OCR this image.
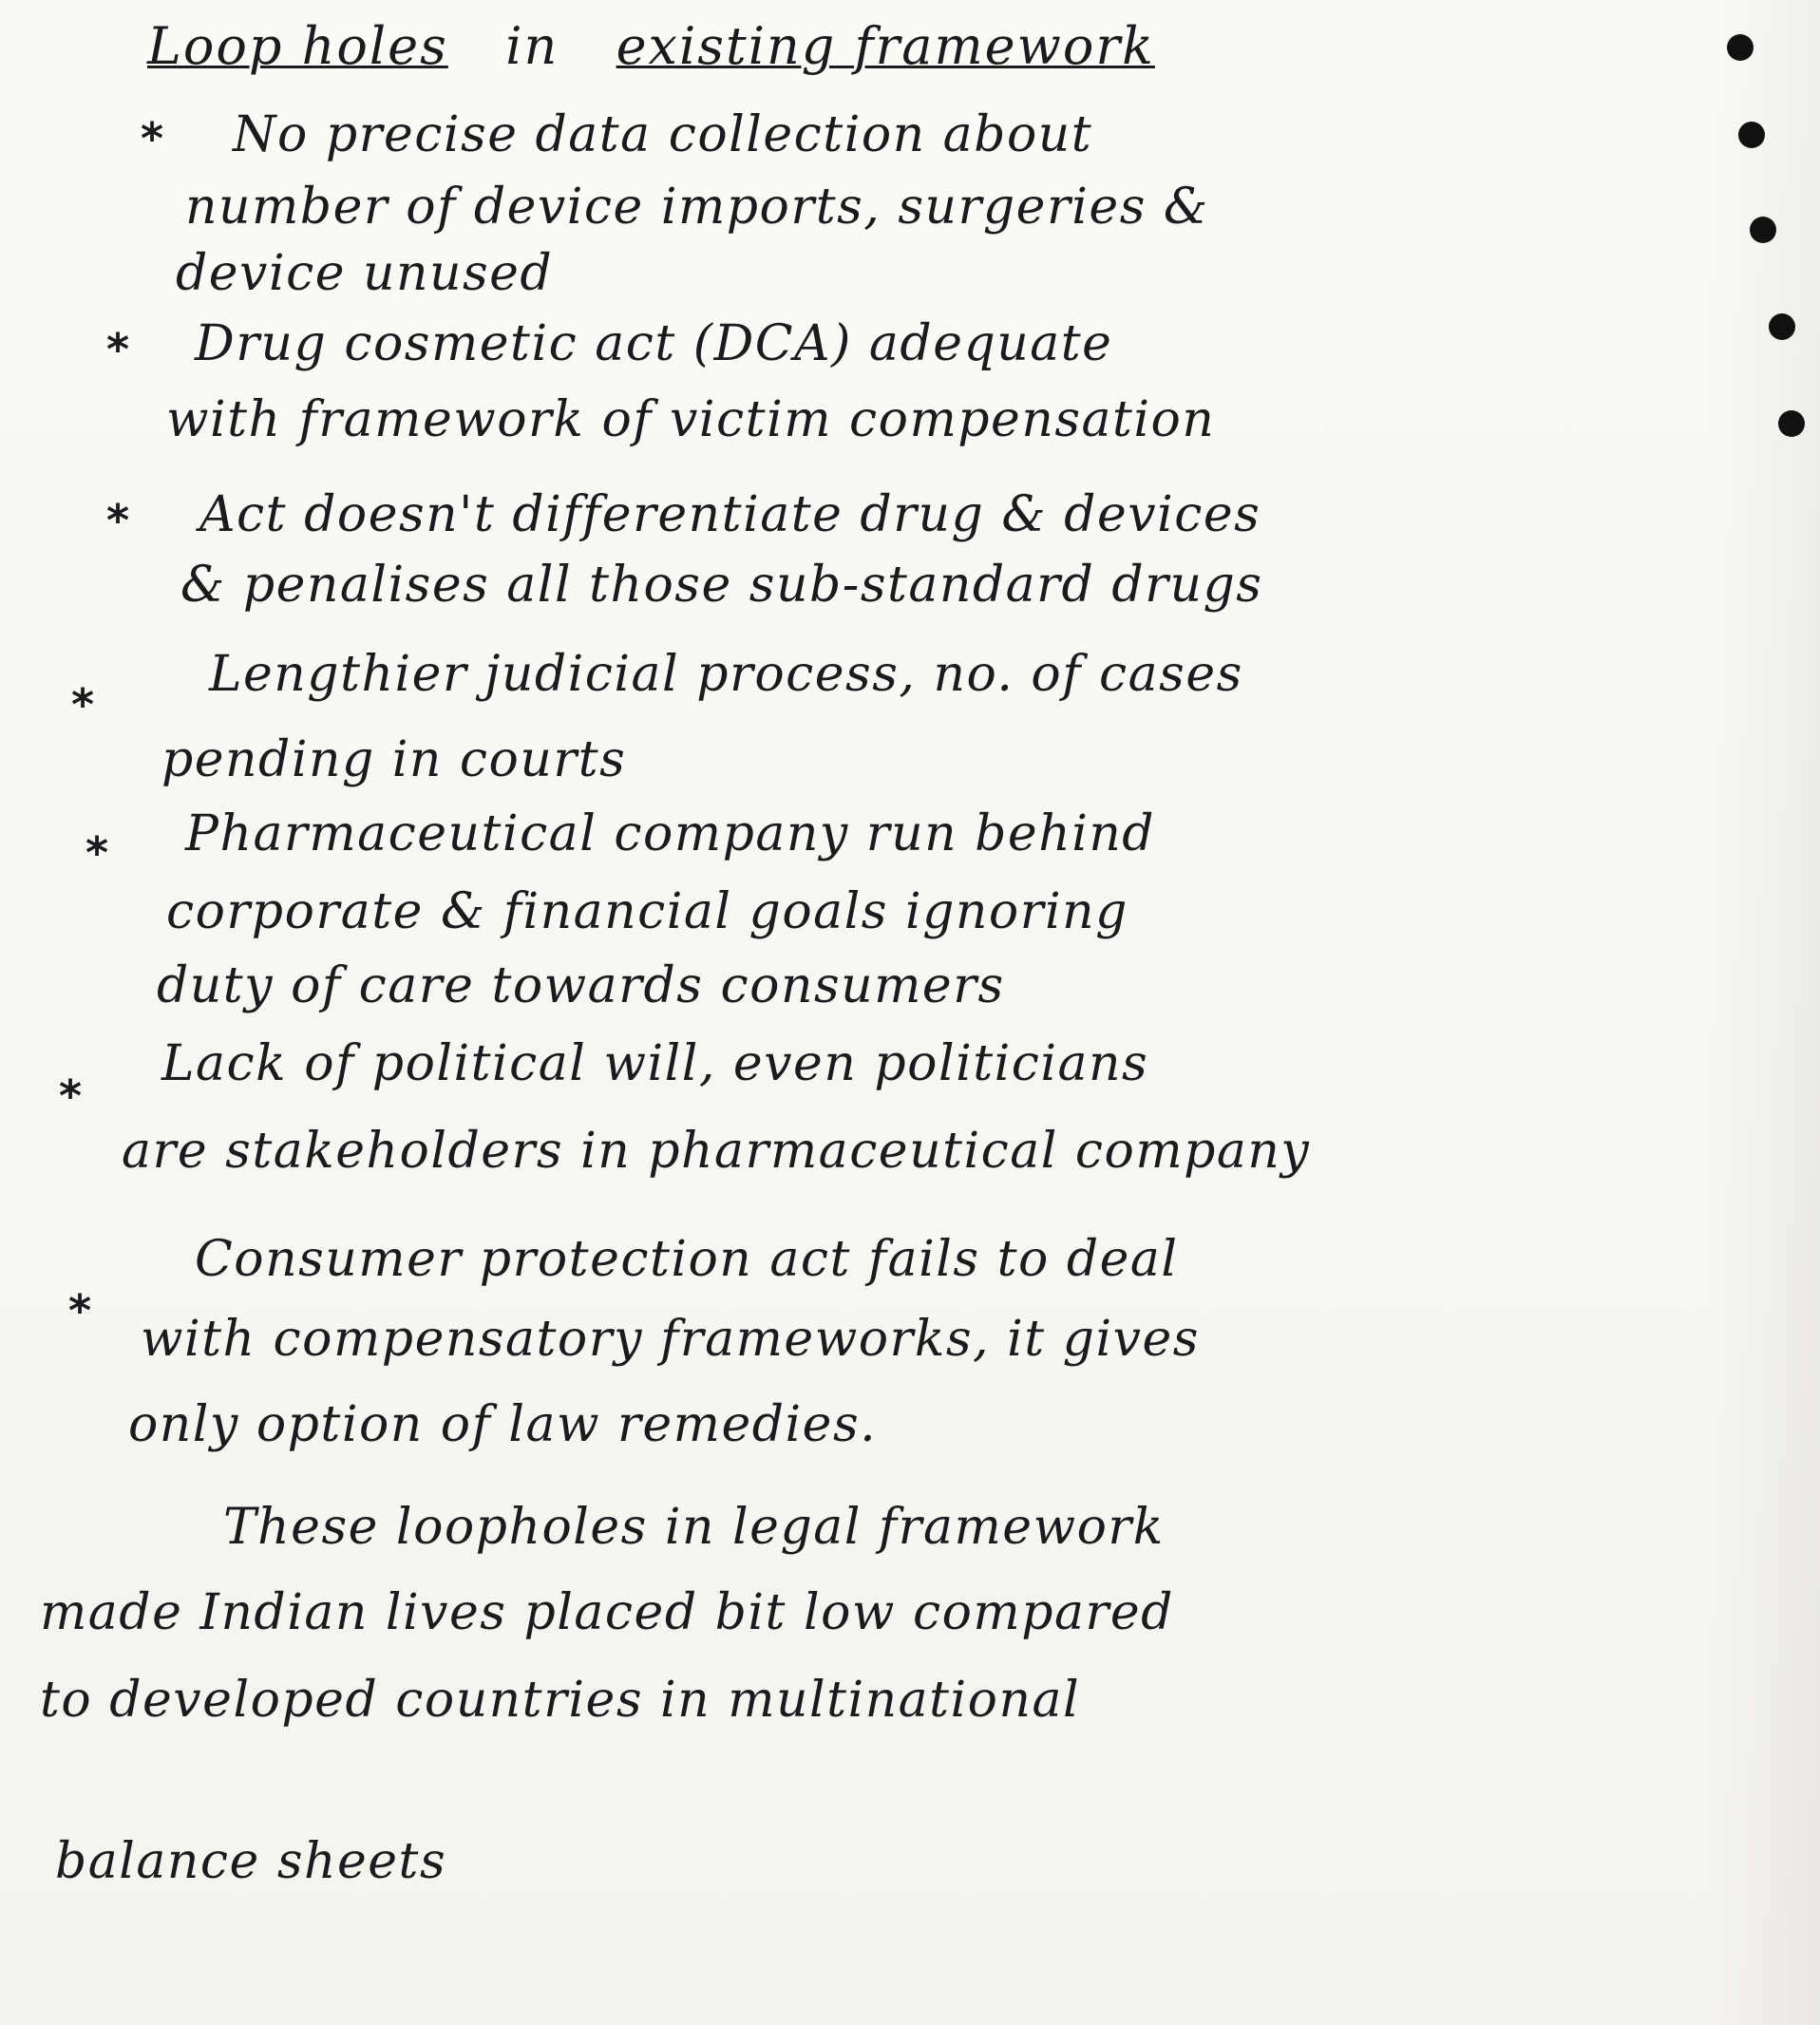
Loop holes in existing framework
* No precise data collection about
number of device imports, surgeries &
device unused
* Drug cosmetic act (DCA) adequate
with framework of victim compensation
* Act doesn't differentiate drug & devices
& penalises all those sub-standard drugs
*
Lengthier judicial process, no. of cases
pending in courts
* Pharmaceutical company run behind
corporate & financial goals ignoring
duty of care towards consumers
*
Lack of political will, even politicians
are stakeholders in pharmaceutical company
*
Consumer protection act fails to deal
with compensatory frameworks, it gives
only option of law remedies.
These loopholes in legal framework
made Indian lives placed bit low compared
to developed countries in multinational
balance sheets
